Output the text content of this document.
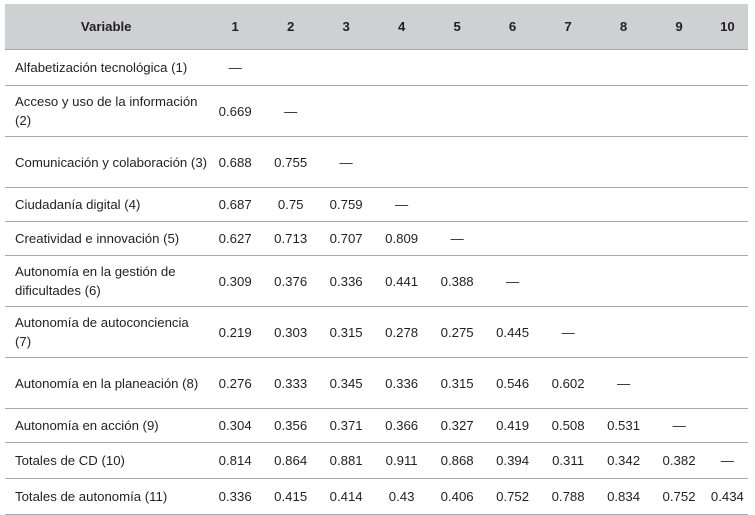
Variable	1	2	3	4	5	6	7	8	9	10
Alfabetización tecnológica (1)	—									
Acceso y uso de la información (2)	0.669	—								
Comunicación y colaboración (3)	0.688	0.755	—							
Ciudadanía digital (4)	0.687	0.75	0.759	—						
Creatividad e innovación (5)	0.627	0.713	0.707	0.809	—					
Autonomía en la gestión de dificultades (6)	0.309	0.376	0.336	0.441	0.388	—				
Autonomía de autoconciencia (7)	0.219	0.303	0.315	0.278	0.275	0.445	—			
Autonomía en la planeación (8)	0.276	0.333	0.345	0.336	0.315	0.546	0.602	—		
Autonomía en acción (9)	0.304	0.356	0.371	0.366	0.327	0.419	0.508	0.531	—	
Totales de CD (10)	0.814	0.864	0.881	0.911	0.868	0.394	0.311	0.342	0.382	—
Totales de autonomía (11)	0.336	0.415	0.414	0.43	0.406	0.752	0.788	0.834	0.752	0.434
